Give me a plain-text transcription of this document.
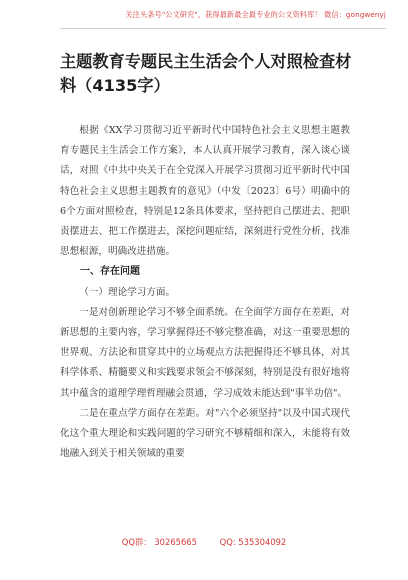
关注头条号"公文研究"，获得最新最全最专业的公文资料库！ 微信：gongwenyj
主题教育专题民主生活会个人对照检查材料（4135字）

根据《XX学习贯彻习近平新时代中国特色社会主义思想主题教育专题民主生活会工作方案》，本人认真开展学习教育，深入谈心谈话，对照《中共中央关于在全党深入开展学习贯彻习近平新时代中国特色社会主义思想主题教育的意见》（中发〔2023〕6号）明确中的6个方面对照检查，特别是12条具体要求，坚持把自己摆进去、把职责摆进去、把工作摆进去，深挖问题症结，深刻进行党性分析，找准思想根源，明确改进措施。

一、存在问题

（一）理论学习方面。

一是对创新理论学习不够全面系统。在全面学方面存在差距，对新思想的主要内容，学习掌握得还不够完整准确，对这一重要思想的世界观、方法论和贯穿其中的立场观点方法把握得还不够具体，对其科学体系、精髓要义和实践要求领会不够深刻，特别是没有很好地将其中蕴含的道理学理哲理融会贯通，学习成效未能达到"事半功倍"。

二是在重点学方面存在差距。对"六个必须坚持"以及中国式现代化这个重大理论和实践问题的学习研究不够精细和深入，未能将有效地融入到关于相关领域的重要

QQ群： 30265665	QQ: 535304092
